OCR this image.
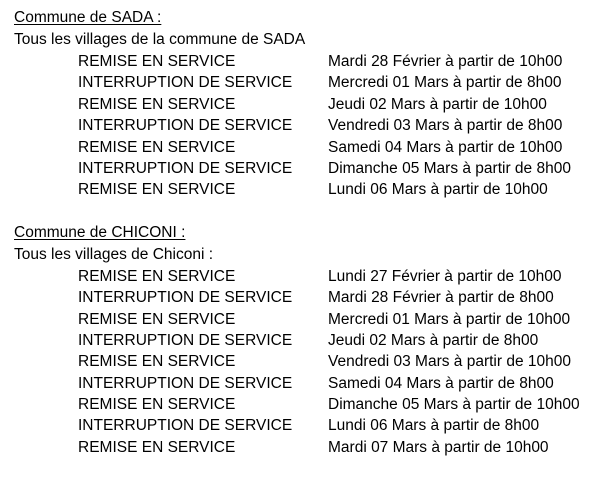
Commune de SADA :
Tous les villages de la commune de SADA
REMISE EN SERVICE	Mardi 28 Février à partir de 10h00
INTERRUPTION DE SERVICE Mercredi 01 Mars à partir de 8h00
REMISE EN SERVICE	Jeudi 02 Mars à partir de 10h00
INTERRUPTION DE SERVICE Vendredi 03 Mars à partir de 8h00
REMISE EN SERVICE	Samedi 04 Mars à partir de 10h00
INTERRUPTION DE SERVICE Dimanche 05 Mars à partir de 8h00
REMISE EN SERVICE	Lundi 06 Mars à partir de 10h00
Commune de CHICONI :
Tous les villages de Chiconi :
REMISE EN SERVICE	Lundi 27 Février à partir de 10h00
INTERRUPTION DE SERVICE Mardi 28 Février à partir de 8h00
REMISE EN SERVICE	Mercredi 01 Mars à partir de 10h00
INTERRUPTION DE SERVICE Jeudi 02 Mars à partir de 8h00
REMISE EN SERVICE	Vendredi 03 Mars à partir de 10h00
INTERRUPTION DE SERVICE Samedi 04 Mars à partir de 8h00
REMISE EN SERVICE	Dimanche 05 Mars à partir de 10h00
INTERRUPTION DE SERVICE Lundi 06 Mars à partir de 8h00
REMISE EN SERVICE	Mardi 07 Mars à partir de 10h00
